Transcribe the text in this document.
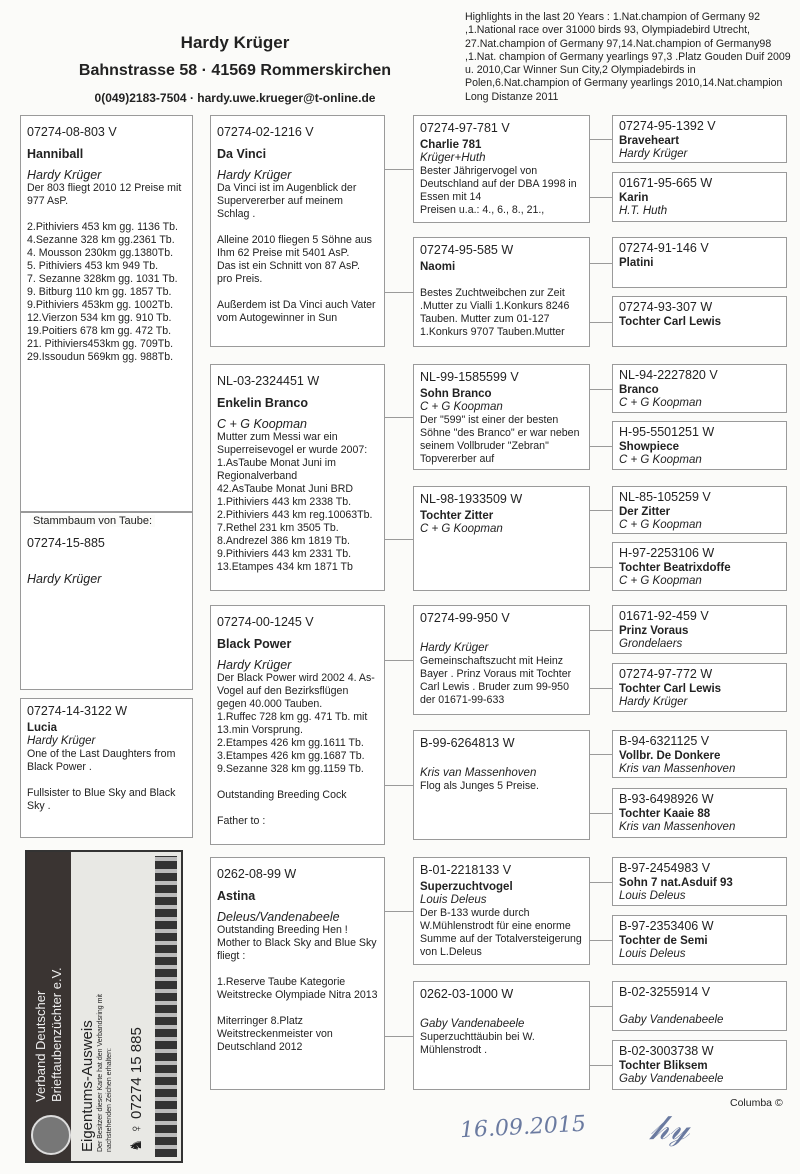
Hardy Krüger
Bahnstrasse 58 · 41569 Rommerskirchen
0(049)2183-7504 · hardy.uwe.krueger@t-online.de
Highlights in the last 20 Years : 1.Nat.champion of Germany 92 ,1.National race over 31000 birds 93, Olympiadebird Utrecht, 27.Nat.champion of Germany 97,14.Nat.champion of Germany98 ,1.Nat. champion of Germany yearlings 97,3 .Platz Gouden Duif 2009 u. 2010,Car Winner Sun City,2 Olympiadebirds in Polen,6.Nat.champion of Germany yearlings 2010,14.Nat.champion Long Distanze 2011
07274-08-803 V
Hanniball
Hardy Krüger
Der 803 fliegt 2010 12 Preise mit 977 AsP.

2.Pithiviers 453 km gg. 1136 Tb.
4.Sezanne 328 km gg.2361 Tb.
4. Mousson 230km gg.1380Tb.
5. Pithiviers 453 km 949 Tb.
7. Sezanne 328km gg. 1031 Tb.
9. Bitburg 110 km gg. 1857 Tb.
9.Pithiviers 453km gg. 1002Tb.
12.Vierzon 534 km gg. 910 Tb.
19.Poitiers 678 km gg. 472 Tb.
21. Pithiviers453km gg. 709Tb.
29.Issoudun 569km gg. 988Tb.
07274-14-3122 W
Lucia
Hardy Krüger
One of the Last Daughters from Black Power .

Fullsister to Blue Sky and Black Sky .
07274-02-1216 V
Da Vinci
Hardy Krüger
Da Vinci ist im Augenblick der Supervererber auf meinem Schlag .

Alleine 2010 fliegen 5 Söhne aus Ihm 62 Preise mit 5401 AsP.
Das ist ein Schnitt von 87 AsP. pro Preis.

Außerdem ist Da Vinci auch Vater vom Autogewinner in Sun
NL-03-2324451 W
Enkelin Branco
C + G Koopman
Mutter zum Messi war ein Superreisevogel er wurde 2007:
1.AsTaube Monat Juni im Regionalverband
42.AsTaube Monat Juni BRD
1.Pithiviers 443 km 2338 Tb.
2.Pithiviers 443 km reg.10063Tb.
7.Rethel 231 km 3505 Tb.
8.Andrezel 386 km 1819 Tb.
9.Pithiviers 443 km 2331 Tb.
13.Etampes 434 km 1871 Tb
07274-00-1245 V
Black Power
Hardy Krüger
Der Black Power wird 2002 4. As-Vogel auf den Bezirksflügen gegen 40.000 Tauben.
1.Ruffec 728 km gg. 471 Tb. mit 13.min Vorsprung.
2.Etampes 426 km gg.1611 Tb.
3.Etampes 426 km gg.1687 Tb.
9.Sezanne 328 km gg.1159 Tb.

Outstanding Breeding Cock

Father to :
0262-08-99 W
Astina
Deleus/Vandenabeele
Outstanding Breeding Hen !
Mother to Black Sky and Blue Sky fliegt :

1.Reserve Taube Kategorie Weitstrecke Olympiade Nitra 2013

Miterringer 8.Platz Weitstreckenmeister von Deutschland 2012
07274-97-781 V
Charlie 781
Krüger+Huth
Bester Jährigervogel von Deutschland auf der DBA 1998 in Essen mit 14
Preisen u.a.: 4., 6., 8., 21.,
07274-95-585 W
Naomi

Bestes Zuchtweibchen zur Zeit .Mutter zu Vialli 1.Konkurs 8246 Tauben. Mutter zum 01-127 1.Konkurs 9707 Tauben.Mutter
NL-99-1585599 V
Sohn Branco
C + G Koopman
Der "599" ist einer der besten Söhne "des Branco" er war neben seinem Vollbruder "Zebran" Topvererber auf
NL-98-1933509 W
Tochter Zitter
C + G Koopman
07274-99-950 V

Hardy Krüger
Gemeinschaftszucht mit Heinz Bayer . Prinz Voraus mit Tochter Carl Lewis . Bruder zum 99-950 der 01671-99-633
B-99-6264813 W

Kris van Massenhoven
Flog als Junges 5 Preise.
B-01-2218133 V
Superzuchtvogel
Louis Deleus
Der B-133 wurde durch W.Mühlenstrodt für eine enorme Summe auf der Totalversteigerung von L.Deleus
0262-03-1000 W

Gaby Vandenabeele
Superzuchttäubin bei W. Mühlenstrodt .
07274-95-1392 V
Braveheart
Hardy Krüger
01671-95-665 W
Karin
H.T. Huth
07274-91-146 V
Platini
07274-93-307 W
Tochter Carl Lewis
NL-94-2227820 V
Branco
C + G Koopman
H-95-5501251 W
Showpiece
C + G Koopman
NL-85-105259 V
Der Zitter
C + G Koopman
H-97-2253106 W
Tochter Beatrixdoffe
C + G Koopman
01671-92-459 V
Prinz Voraus
Grondelaers
07274-97-772 W
Tochter Carl Lewis
Hardy Krüger
B-94-6321125 V
Vollbr. De Donkere
Kris van Massenhoven
B-93-6498926 W
Tochter Kaaie 88
Kris van Massenhoven
B-97-2454983 V
Sohn 7 nat.Asduif 93
Louis Deleus
B-97-2353406 W
Tochter de Semi
Louis Deleus
B-02-3255914 V

Gaby Vandenabeele
B-02-3003738 W
Tochter Bliksem
Gaby Vandenabeele
07274-15-885
Hardy Krüger
Stammbaum von Taube:
Verband Deutscher Brieftaubenzüchter e.V. Eigentums-Ausweis Der Besitzer dieser Karte hat den Verbandsring mit nachstehenden Zeichen erhalten: ♞ ♀ 07274 15 885	Columba ©
16.09.2015 𝒽𝓎
